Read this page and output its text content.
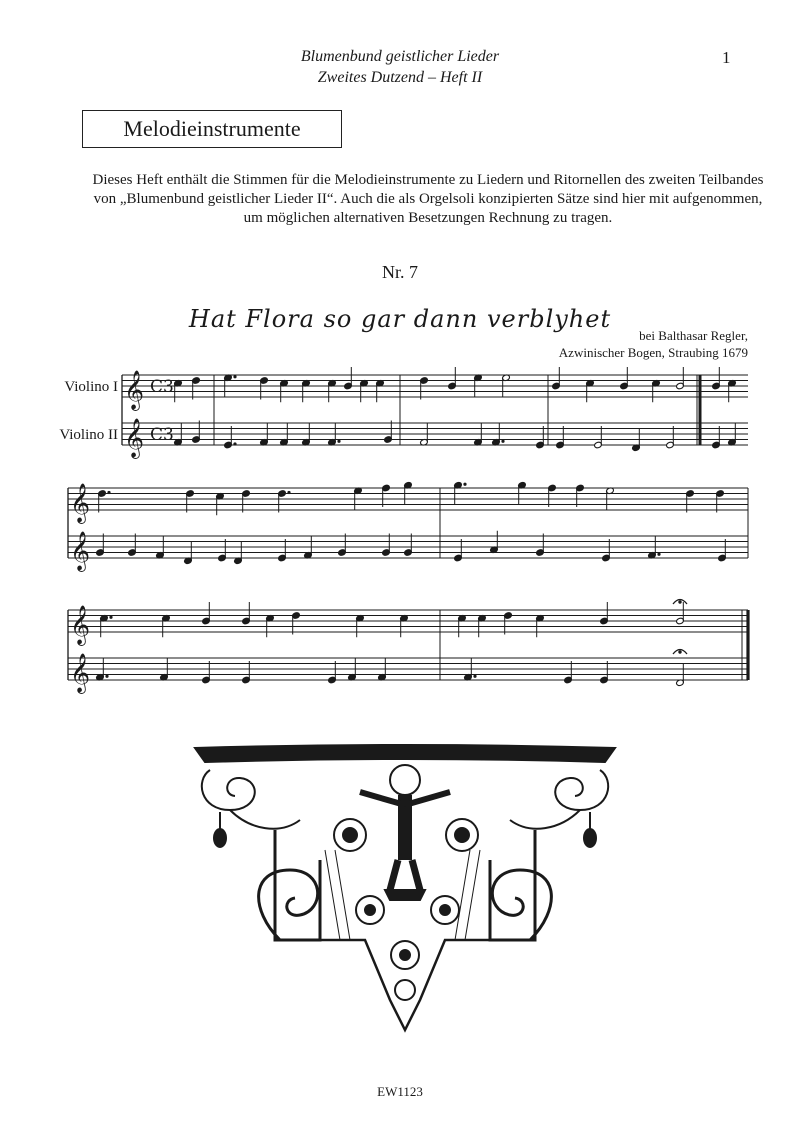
Blumenbund geistlicher Lieder
Zweites Dutzend – Heft II
1
Melodieinstrumente
Dieses Heft enthält die Stimmen für die Melodieinstrumente zu Liedern und Ritornellen des zweiten Teilbandes
von „Blumenbund geistlicher Lieder II“. Auch die als Orgelsoli konzipierten Sätze sind hier mit aufgenommen,
um möglichen alternativen Besetzungen Rechnung zu tragen.
Nr. 7
Hat Flora so gar dann verblyhet
bei Balthasar Regler,
Azwinischer Bogen, Straubing 1679
Violino I
Violino II
𝄞
𝄞
C3
C3
𝄞
𝄞
𝄞
𝄞
EW1123
